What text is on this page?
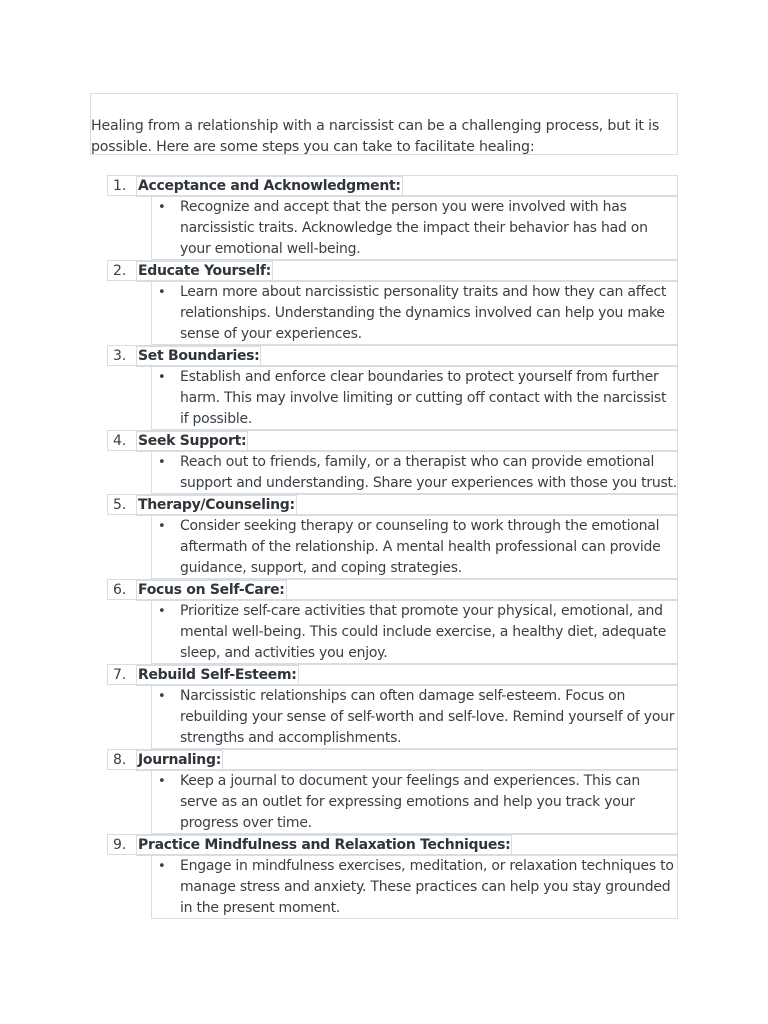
Healing from a relationship with a narcissist can be a challenging process, but it is possible. Here are some steps you can take to facilitate healing:

1. Acceptance and Acknowledgment:
•	Recognize and accept that the person you were involved with has narcissistic traits. Acknowledge the impact their behavior has had on your emotional well-being.

2. Educate Yourself:
•	Learn more about narcissistic personality traits and how they can affect relationships. Understanding the dynamics involved can help you make sense of your experiences.

3. Set Boundaries:
•	Establish and enforce clear boundaries to protect yourself from further harm. This may involve limiting or cutting off contact with the narcissist if possible.

4. Seek Support:
•	Reach out to friends, family, or a therapist who can provide emotional support and understanding. Share your experiences with those you trust.

5. Therapy/Counseling:
•	Consider seeking therapy or counseling to work through the emotional aftermath of the relationship. A mental health professional can provide guidance, support, and coping strategies.

6. Focus on Self-Care:
•	Prioritize self-care activities that promote your physical, emotional, and mental well-being. This could include exercise, a healthy diet, adequate sleep, and activities you enjoy.

7. Rebuild Self-Esteem:
•	Narcissistic relationships can often damage self-esteem. Focus on rebuilding your sense of self-worth and self-love. Remind yourself of your strengths and accomplishments.

8. Journaling:
•	Keep a journal to document your feelings and experiences. This can serve as an outlet for expressing emotions and help you track your progress over time.

9. Practice Mindfulness and Relaxation Techniques:
•	Engage in mindfulness exercises, meditation, or relaxation techniques to manage stress and anxiety. These practices can help you stay grounded in the present moment.
